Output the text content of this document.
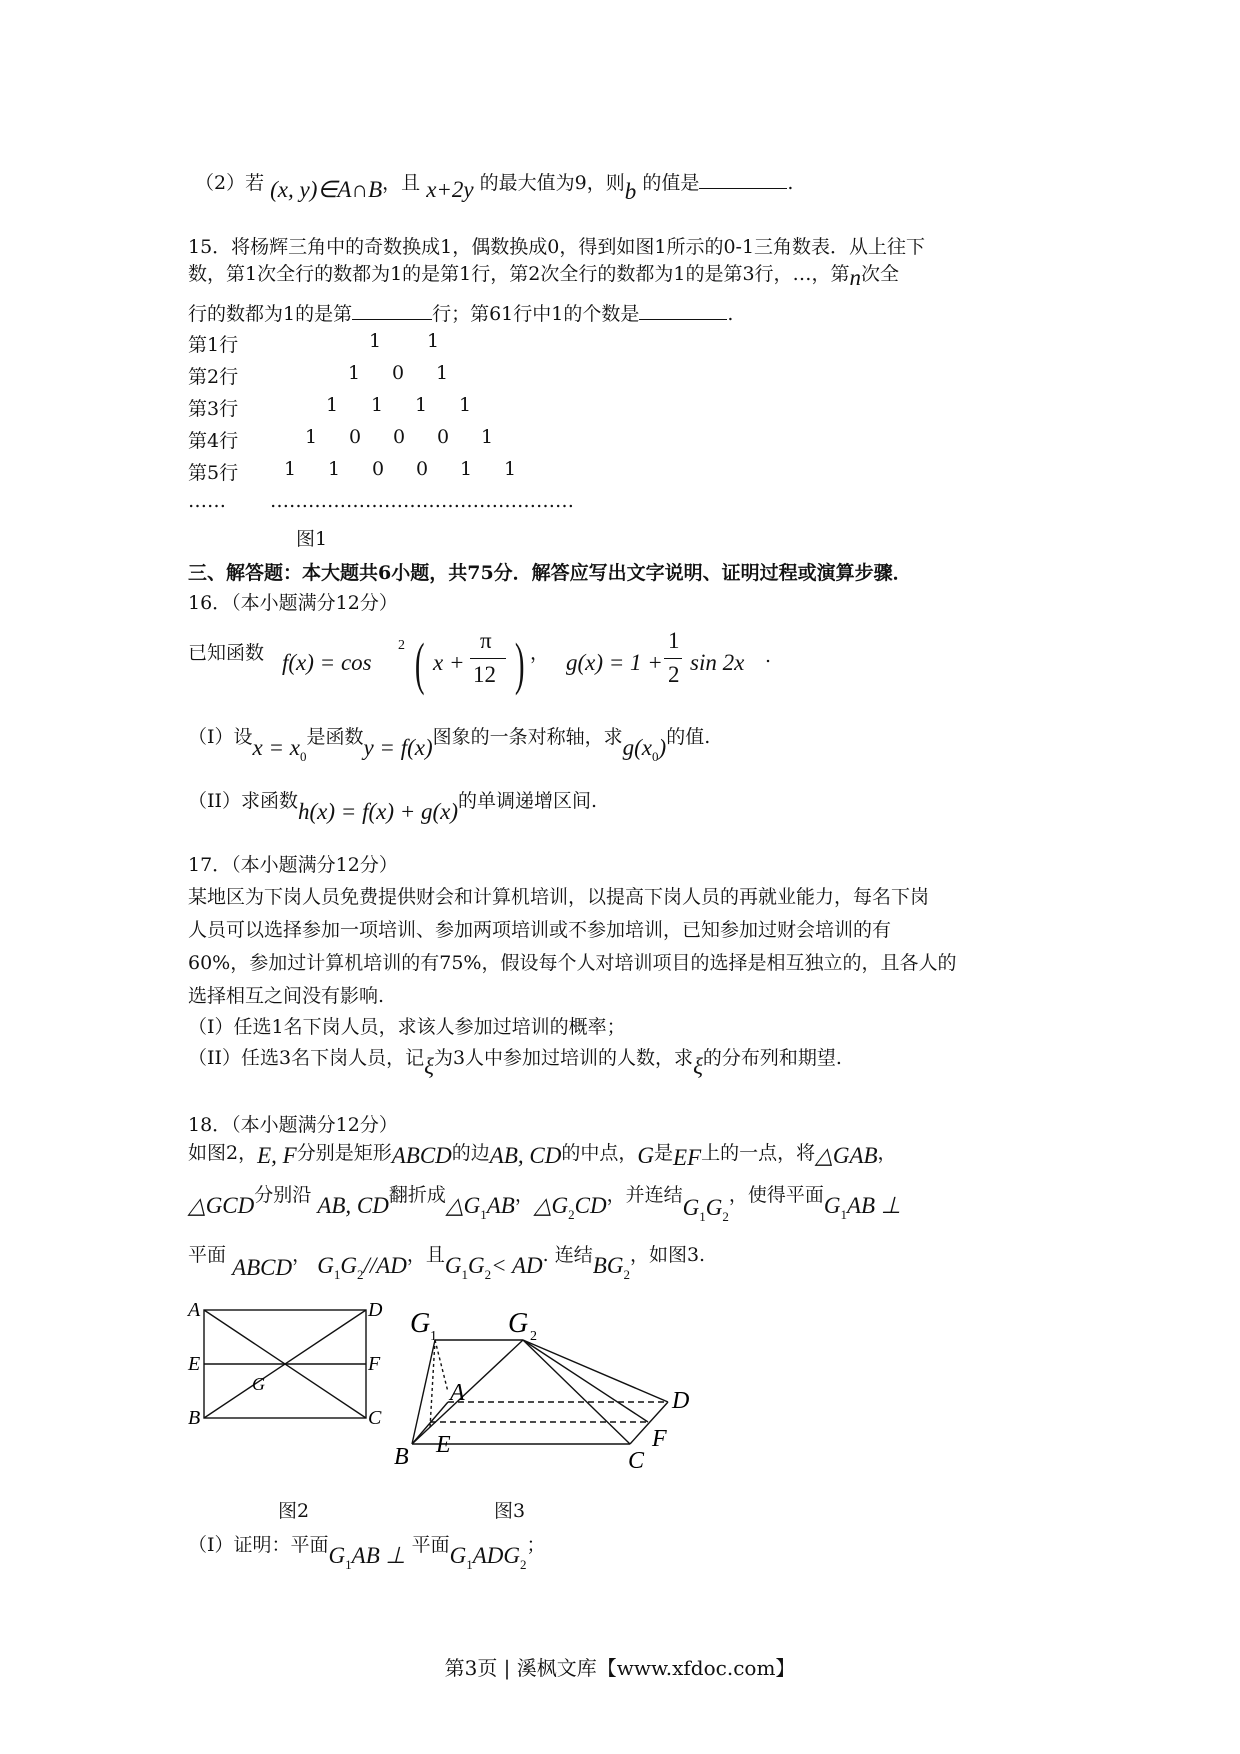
（2）若 (x, y)∈A∩B，且 x+2y 的最大值为9，则b 的值是	.
15．将杨辉三角中的奇数换成1，偶数换成0，得到如图1所示的0-1三角数表．从上往下
数，第1次全行的数都为1的是第1行，第2次全行的数都为1的是第3行，…，第n次全
行的数都为1的是第	行；第61行中1的个数是	.
第1行	1 1
第2行	1 0 1
第3行	1 1 1 1
第4行	1 0 0 0 1
第5行 1 1 0 0 1 1
…… …………………………………………
图1
三、解答题：本大题共6小题，共75分．解答应写出文字说明、证明过程或演算步骤．
16．（本小题满分12分）
已知函数 f(x) = cos
2 ( x +
π
12 ) ， g(x) = 1 +
1
2 sin 2x .
（I）设$x = x_0$是函数y = f(x)图象的一条对称轴，求$g(x_0)$的值.
（II）求函数h(x) = f(x) + g(x)的单调递增区间.
17．（本小题满分12分）
某地区为下岗人员免费提供财会和计算机培训，以提高下岗人员的再就业能力，每名下岗
人员可以选择参加一项培训、参加两项培训或不参加培训，已知参加过财会培训的有
60%，参加过计算机培训的有75%，假设每个人对培训项目的选择是相互独立的，且各人的
选择相互之间没有影响.
（I）任选1名下岗人员，求该人参加过培训的概率；
（II）任选3名下岗人员，记ξ为3人中参加过培训的人数，求ξ的分布列和期望.
18．（本小题满分12分）
如图2，E, F分别是矩形ABCD的边AB, CD的中点，G是EF上的一点，将△GAB，
△GCD分别沿 AB, CD翻折成$\triangle G_1AB$，$\triangle G_2CD$，并连结$G_1G_2$，使得平面$G_1AB$ ⊥
平面 ABCD， $G_1G_2//AD$，且$G_1G_2<$ AD. 连结$BG_2$，如图3.
A	D
E	F
B	C
G
G 1	G 2
A	D
B E
C
F
图2	图3
（I）证明：平面$G_1AB$ ⊥ 平面$G_1ADG_2$；
第3页 | 溪枫文库【www.xfdoc.com】
